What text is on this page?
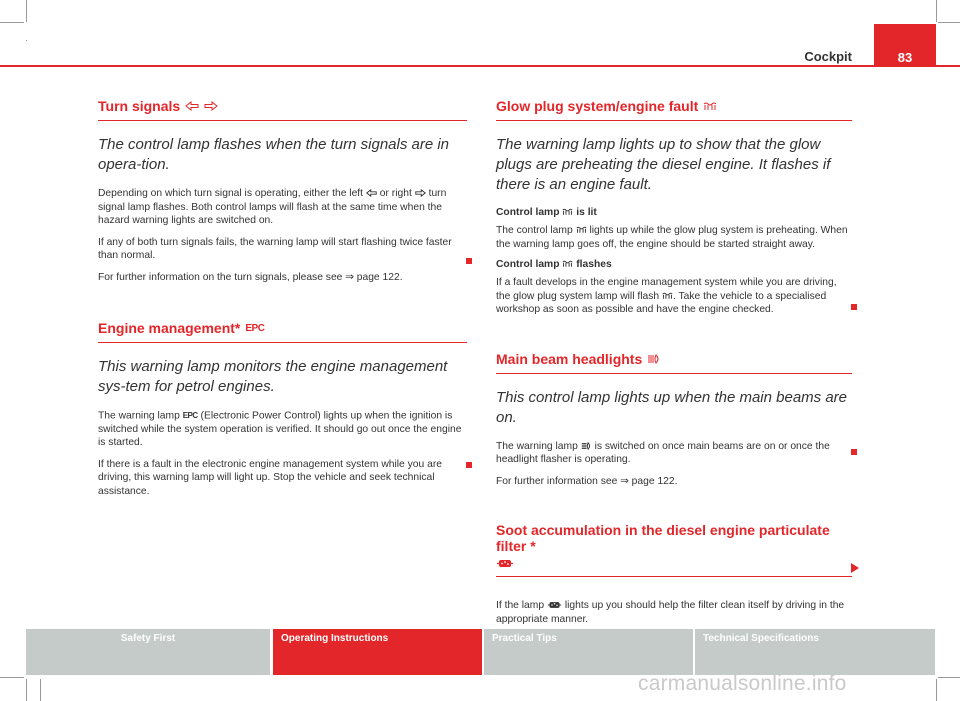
Cockpit	83
Turn signals

The control lamp flashes when the turn signals are in opera-tion.

Depending on which turn signal is operating, either the left or right turn signal lamp flashes. Both control lamps will flash at the same time when the hazard warning lights are switched on.

If any of both turn signals fails, the warning lamp will start flashing twice faster than normal.

For further information on the turn signals, please see ⇒ page 122.

Engine management* EPC

This warning lamp monitors the engine management sys-tem for petrol engines.

The warning lamp EPC (Electronic Power Control) lights up when the ignition is switched while the system operation is verified. It should go out once the engine is started.

If there is a fault in the electronic engine management system while you are driving, this warning lamp will light up. Stop the vehicle and seek technical assistance.

Glow plug system/engine fault

The warning lamp lights up to show that the glow plugs are preheating the diesel engine. It flashes if there is an engine fault.

Control lamp is lit

The control lamp lights up while the glow plug system is preheating. When the warning lamp goes off, the engine should be started straight away.

Control lamp flashes

If a fault develops in the engine management system while you are driving, the glow plug system lamp will flash . Take the vehicle to a specialised workshop as soon as possible and have the engine checked.

Main beam headlights

This control lamp lights up when the main beams are on.

The warning lamp is switched on once main beams are on or once the headlight flasher is operating.

For further information see ⇒ page 122.

Soot accumulation in the diesel engine particulate filter *

If the lamp lights up you should help the filter clean itself by driving in the appropriate manner.

Safety First	Operating Instructions	Practical Tips	Technical Specifications
carmanualsonline.info
